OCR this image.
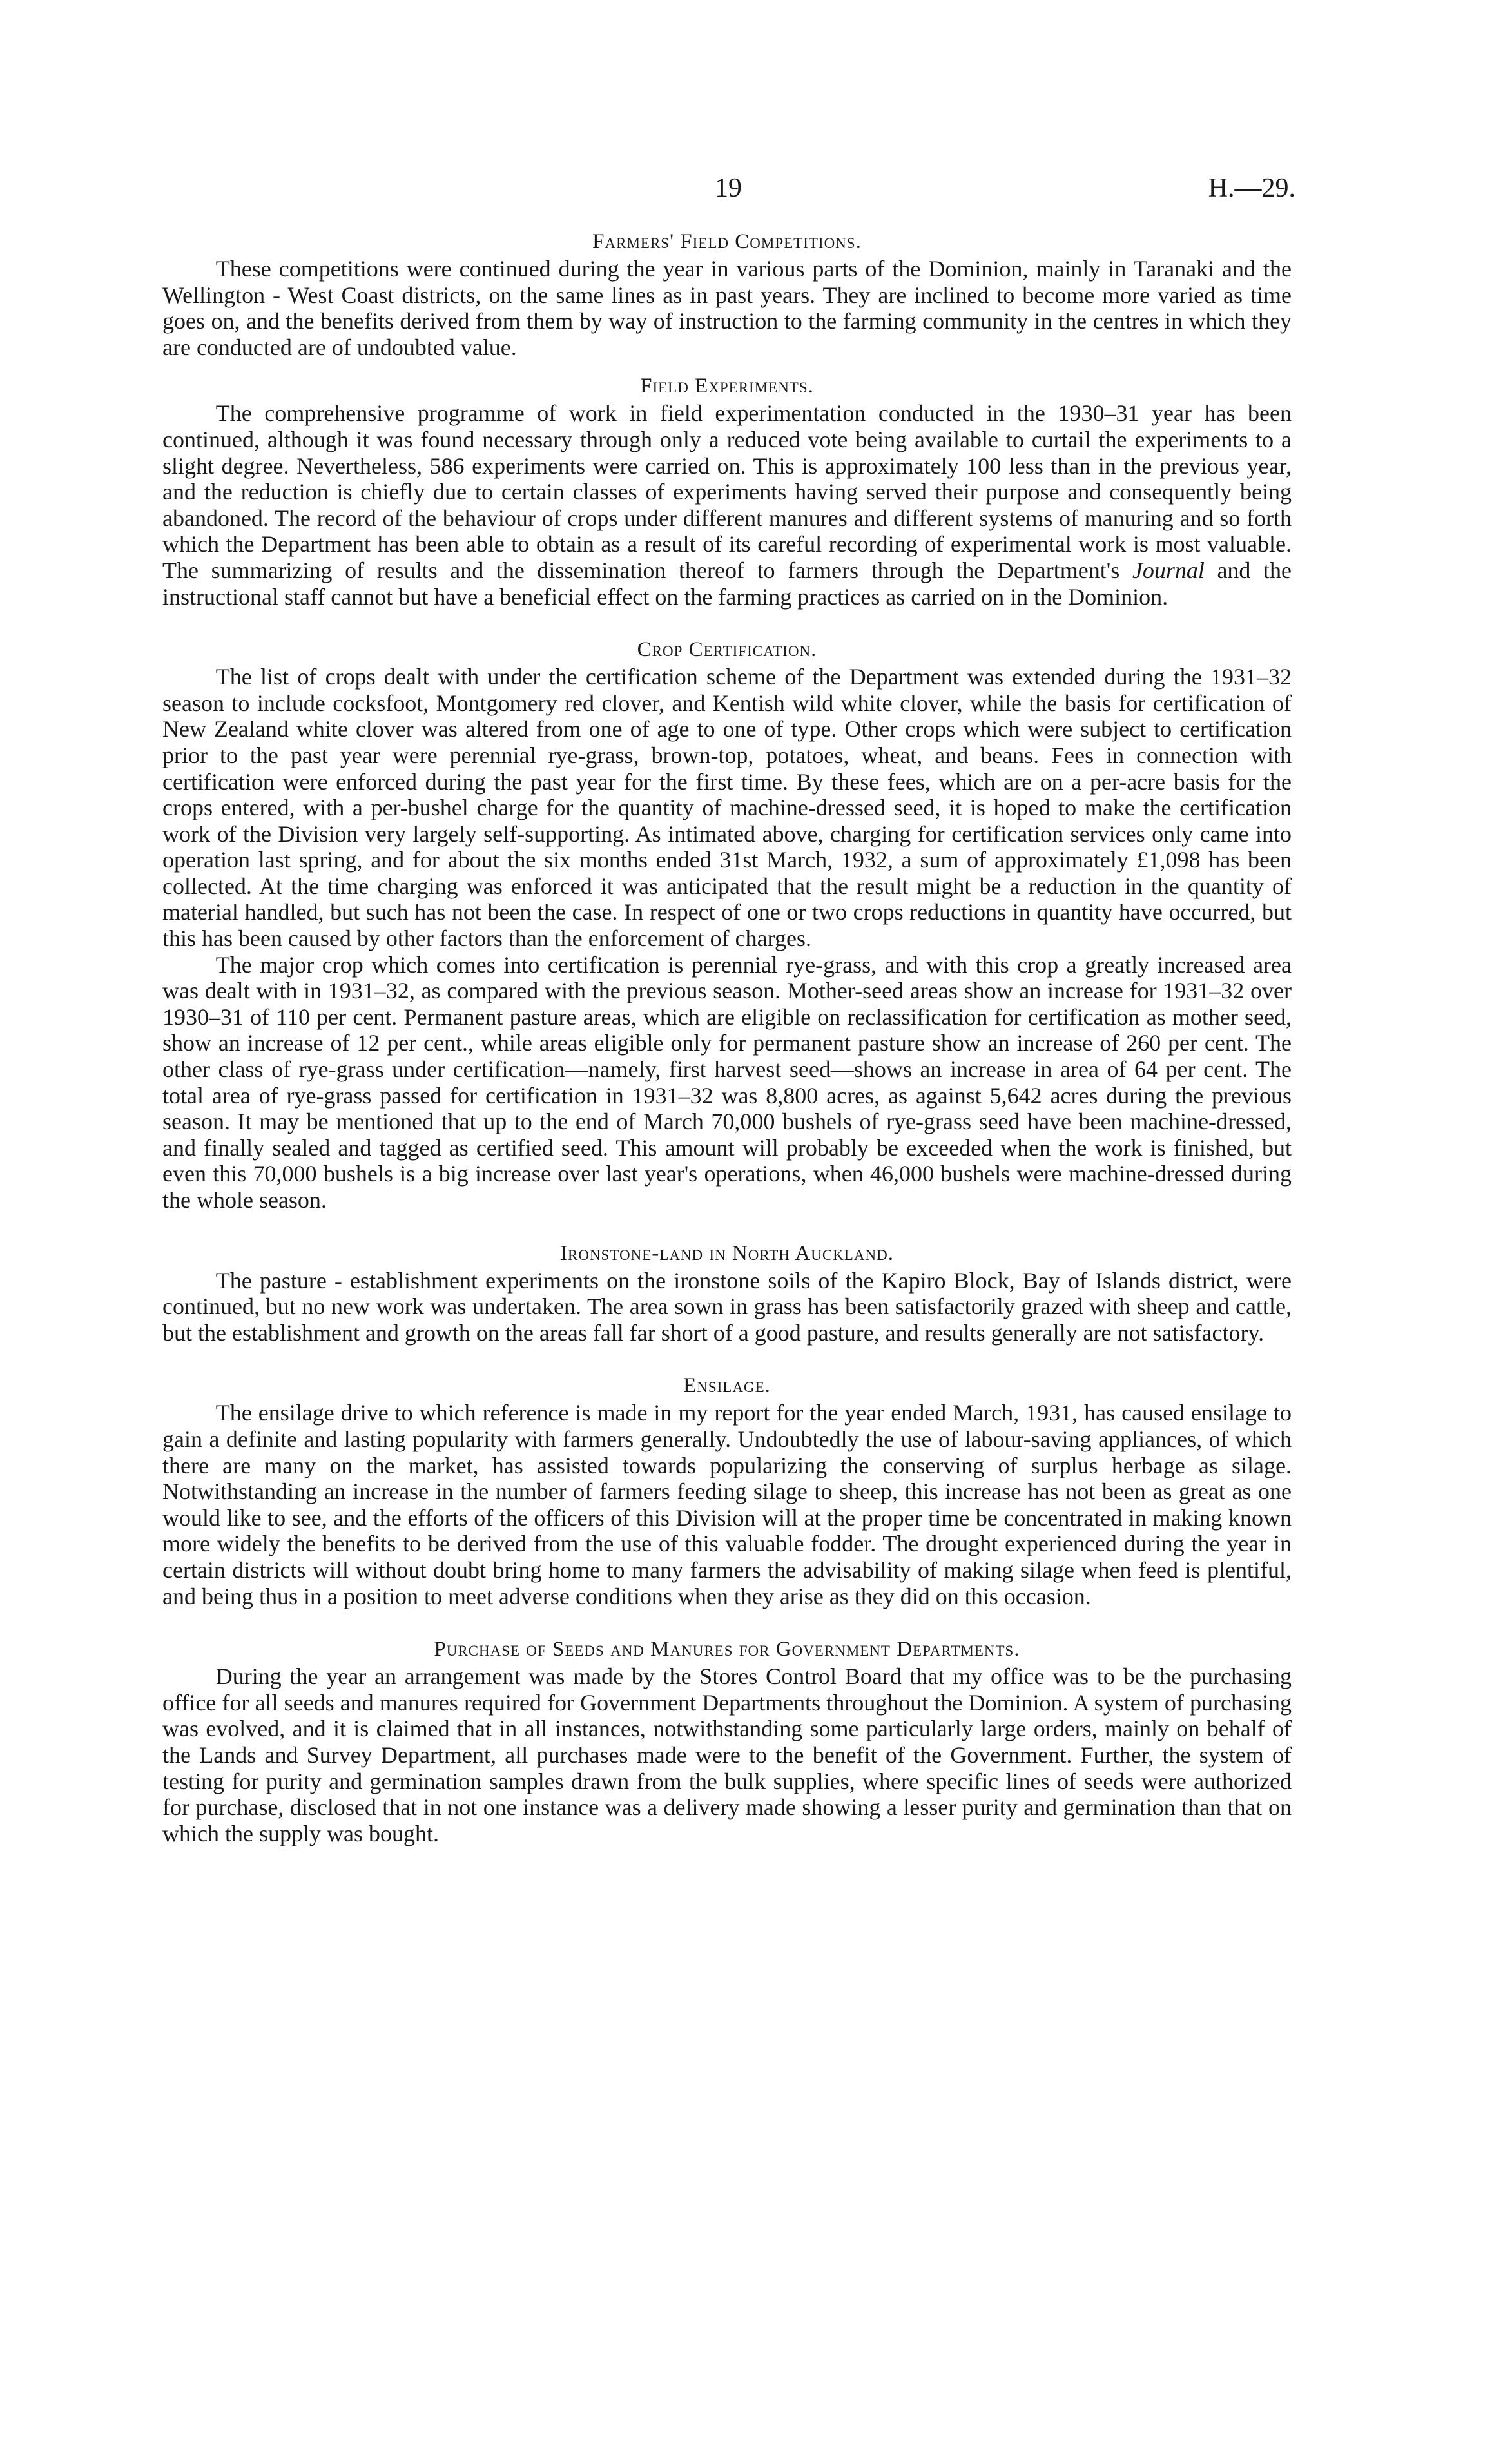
19	H.—29.
Farmers' Field Competitions.

These competitions were continued during the year in various parts of the Dominion, mainly in Taranaki and the Wellington - West Coast districts, on the same lines as in past years. They are inclined to become more varied as time goes on, and the benefits derived from them by way of instruction to the farming community in the centres in which they are conducted are of undoubted value.

Field Experiments.

The comprehensive programme of work in field experimentation conducted in the 1930–31 year has been continued, although it was found necessary through only a reduced vote being available to curtail the experiments to a slight degree. Nevertheless, 586 experiments were carried on. This is approximately 100 less than in the previous year, and the reduction is chiefly due to certain classes of experiments having served their purpose and consequently being abandoned. The record of the behaviour of crops under different manures and different systems of manuring and so forth which the Department has been able to obtain as a result of its careful recording of experimental work is most valuable. The summarizing of results and the dissemination thereof to farmers through the Department's Journal and the instructional staff cannot but have a beneficial effect on the farming practices as carried on in the Dominion.

Crop Certification.

The list of crops dealt with under the certification scheme of the Department was extended during the 1931–32 season to include cocksfoot, Montgomery red clover, and Kentish wild white clover, while the basis for certification of New Zealand white clover was altered from one of age to one of type. Other crops which were subject to certification prior to the past year were perennial rye-grass, brown-top, potatoes, wheat, and beans. Fees in connection with certification were enforced during the past year for the first time. By these fees, which are on a per-acre basis for the crops entered, with a per-bushel charge for the quantity of machine-dressed seed, it is hoped to make the certification work of the Division very largely self-supporting. As intimated above, charging for certification services only came into operation last spring, and for about the six months ended 31st March, 1932, a sum of approximately £1,098 has been collected. At the time charging was enforced it was anticipated that the result might be a reduction in the quantity of material handled, but such has not been the case. In respect of one or two crops reductions in quantity have occurred, but this has been caused by other factors than the enforcement of charges.

The major crop which comes into certification is perennial rye-grass, and with this crop a greatly increased area was dealt with in 1931–32, as compared with the previous season. Mother-seed areas show an increase for 1931–32 over 1930–31 of 110 per cent. Permanent pasture areas, which are eligible on reclassification for certification as mother seed, show an increase of 12 per cent., while areas eligible only for permanent pasture show an increase of 260 per cent. The other class of rye-grass under certification—namely, first harvest seed—shows an increase in area of 64 per cent. The total area of rye-grass passed for certification in 1931–32 was 8,800 acres, as against 5,642 acres during the previous season. It may be mentioned that up to the end of March 70,000 bushels of rye-grass seed have been machine-dressed, and finally sealed and tagged as certified seed. This amount will probably be exceeded when the work is finished, but even this 70,000 bushels is a big increase over last year's operations, when 46,000 bushels were machine-dressed during the whole season.

Ironstone-land in North Auckland.

The pasture - establishment experiments on the ironstone soils of the Kapiro Block, Bay of Islands district, were continued, but no new work was undertaken. The area sown in grass has been satisfactorily grazed with sheep and cattle, but the establishment and growth on the areas fall far short of a good pasture, and results generally are not satisfactory.

Ensilage.

The ensilage drive to which reference is made in my report for the year ended March, 1931, has caused ensilage to gain a definite and lasting popularity with farmers generally. Undoubtedly the use of labour-saving appliances, of which there are many on the market, has assisted towards popularizing the conserving of surplus herbage as silage. Notwithstanding an increase in the number of farmers feeding silage to sheep, this increase has not been as great as one would like to see, and the efforts of the officers of this Division will at the proper time be concentrated in making known more widely the benefits to be derived from the use of this valuable fodder. The drought experienced during the year in certain districts will without doubt bring home to many farmers the advisability of making silage when feed is plentiful, and being thus in a position to meet adverse conditions when they arise as they did on this occasion.

Purchase of Seeds and Manures for Government Departments.

During the year an arrangement was made by the Stores Control Board that my office was to be the purchasing office for all seeds and manures required for Government Departments throughout the Dominion. A system of purchasing was evolved, and it is claimed that in all instances, notwithstanding some particularly large orders, mainly on behalf of the Lands and Survey Department, all purchases made were to the benefit of the Government. Further, the system of testing for purity and germination samples drawn from the bulk supplies, where specific lines of seeds were authorized for purchase, disclosed that in not one instance was a delivery made showing a lesser purity and germination than that on which the supply was bought.
